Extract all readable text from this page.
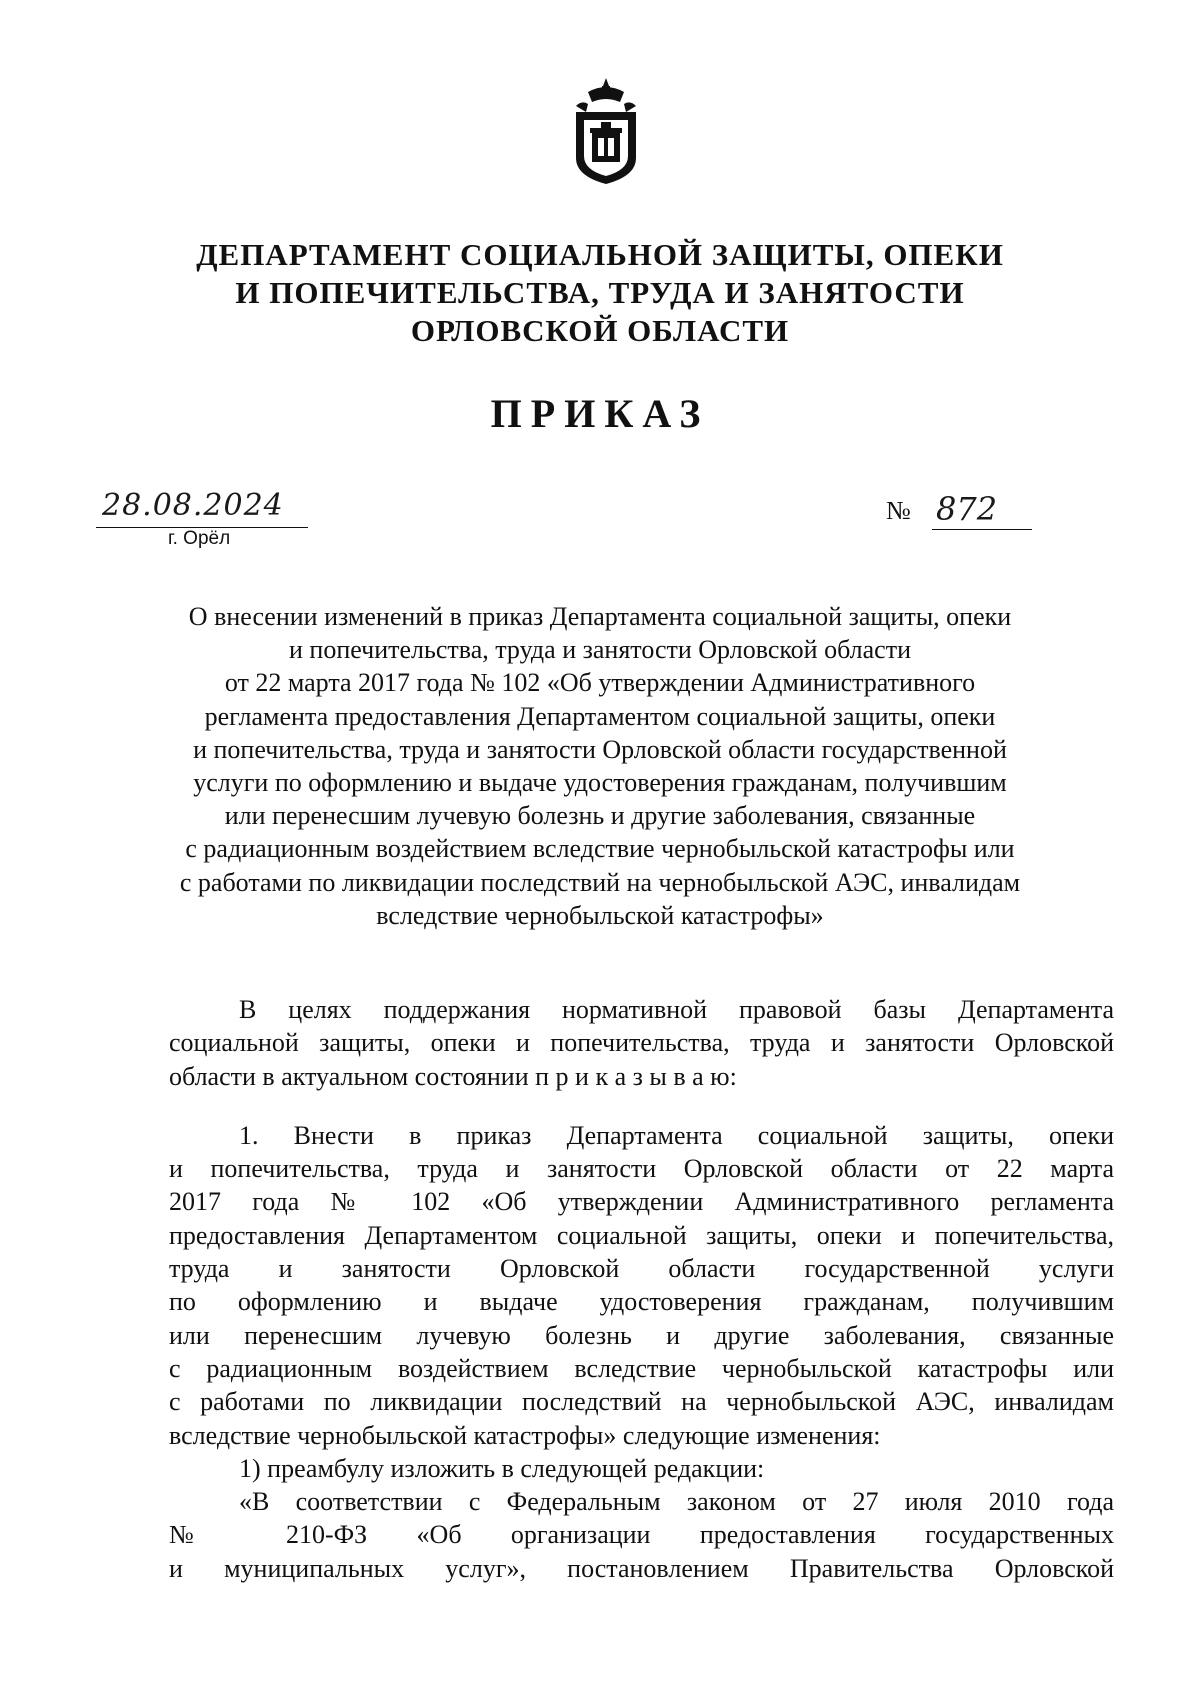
ДЕПАРТАМЕНТ СОЦИАЛЬНОЙ ЗАЩИТЫ, ОПЕКИ
И ПОПЕЧИТЕЛЬСТВА, ТРУДА И ЗАНЯТОСТИ
ОРЛОВСКОЙ ОБЛАСТИ
ПРИКАЗ
28.08.2024
г. Орёл
№ 872
О внесении изменений в приказ Департамента социальной защиты, опеки
и попечительства, труда и занятости Орловской области
от 22 марта 2017 года № 102 «Об утверждении Административного
регламента предоставления Департаментом социальной защиты, опеки
и попечительства, труда и занятости Орловской области государственной
услуги по оформлению и выдаче удостоверения гражданам, получившим
или перенесшим лучевую болезнь и другие заболевания, связанные
с радиационным воздействием вследствие чернобыльской катастрофы или
с работами по ликвидации последствий на чернобыльской АЭС, инвалидам
вследствие чернобыльской катастрофы»
В целях поддержания нормативной правовой базы Департамента
социальной защиты, опеки и попечительства, труда и занятости Орловской
области в актуальном состоянии п р и к а з ы в а ю:
1. Внести в приказ Департамента социальной защиты, опеки
и попечительства, труда и занятости Орловской области от 22 марта
2017 года № 102 «Об утверждении Административного регламента
предоставления Департаментом социальной защиты, опеки и попечительства,
труда и занятости Орловской области государственной услуги
по оформлению и выдаче удостоверения гражданам, получившим
или перенесшим лучевую болезнь и другие заболевания, связанные
с радиационным воздействием вследствие чернобыльской катастрофы или
с работами по ликвидации последствий на чернобыльской АЭС, инвалидам
вследствие чернобыльской катастрофы» следующие изменения:
1) преамбулу изложить в следующей редакции:
«В соответствии с Федеральным законом от 27 июля 2010 года
№ 210-ФЗ «Об организации предоставления государственных
и муниципальных услуг», постановлением Правительства Орловской
